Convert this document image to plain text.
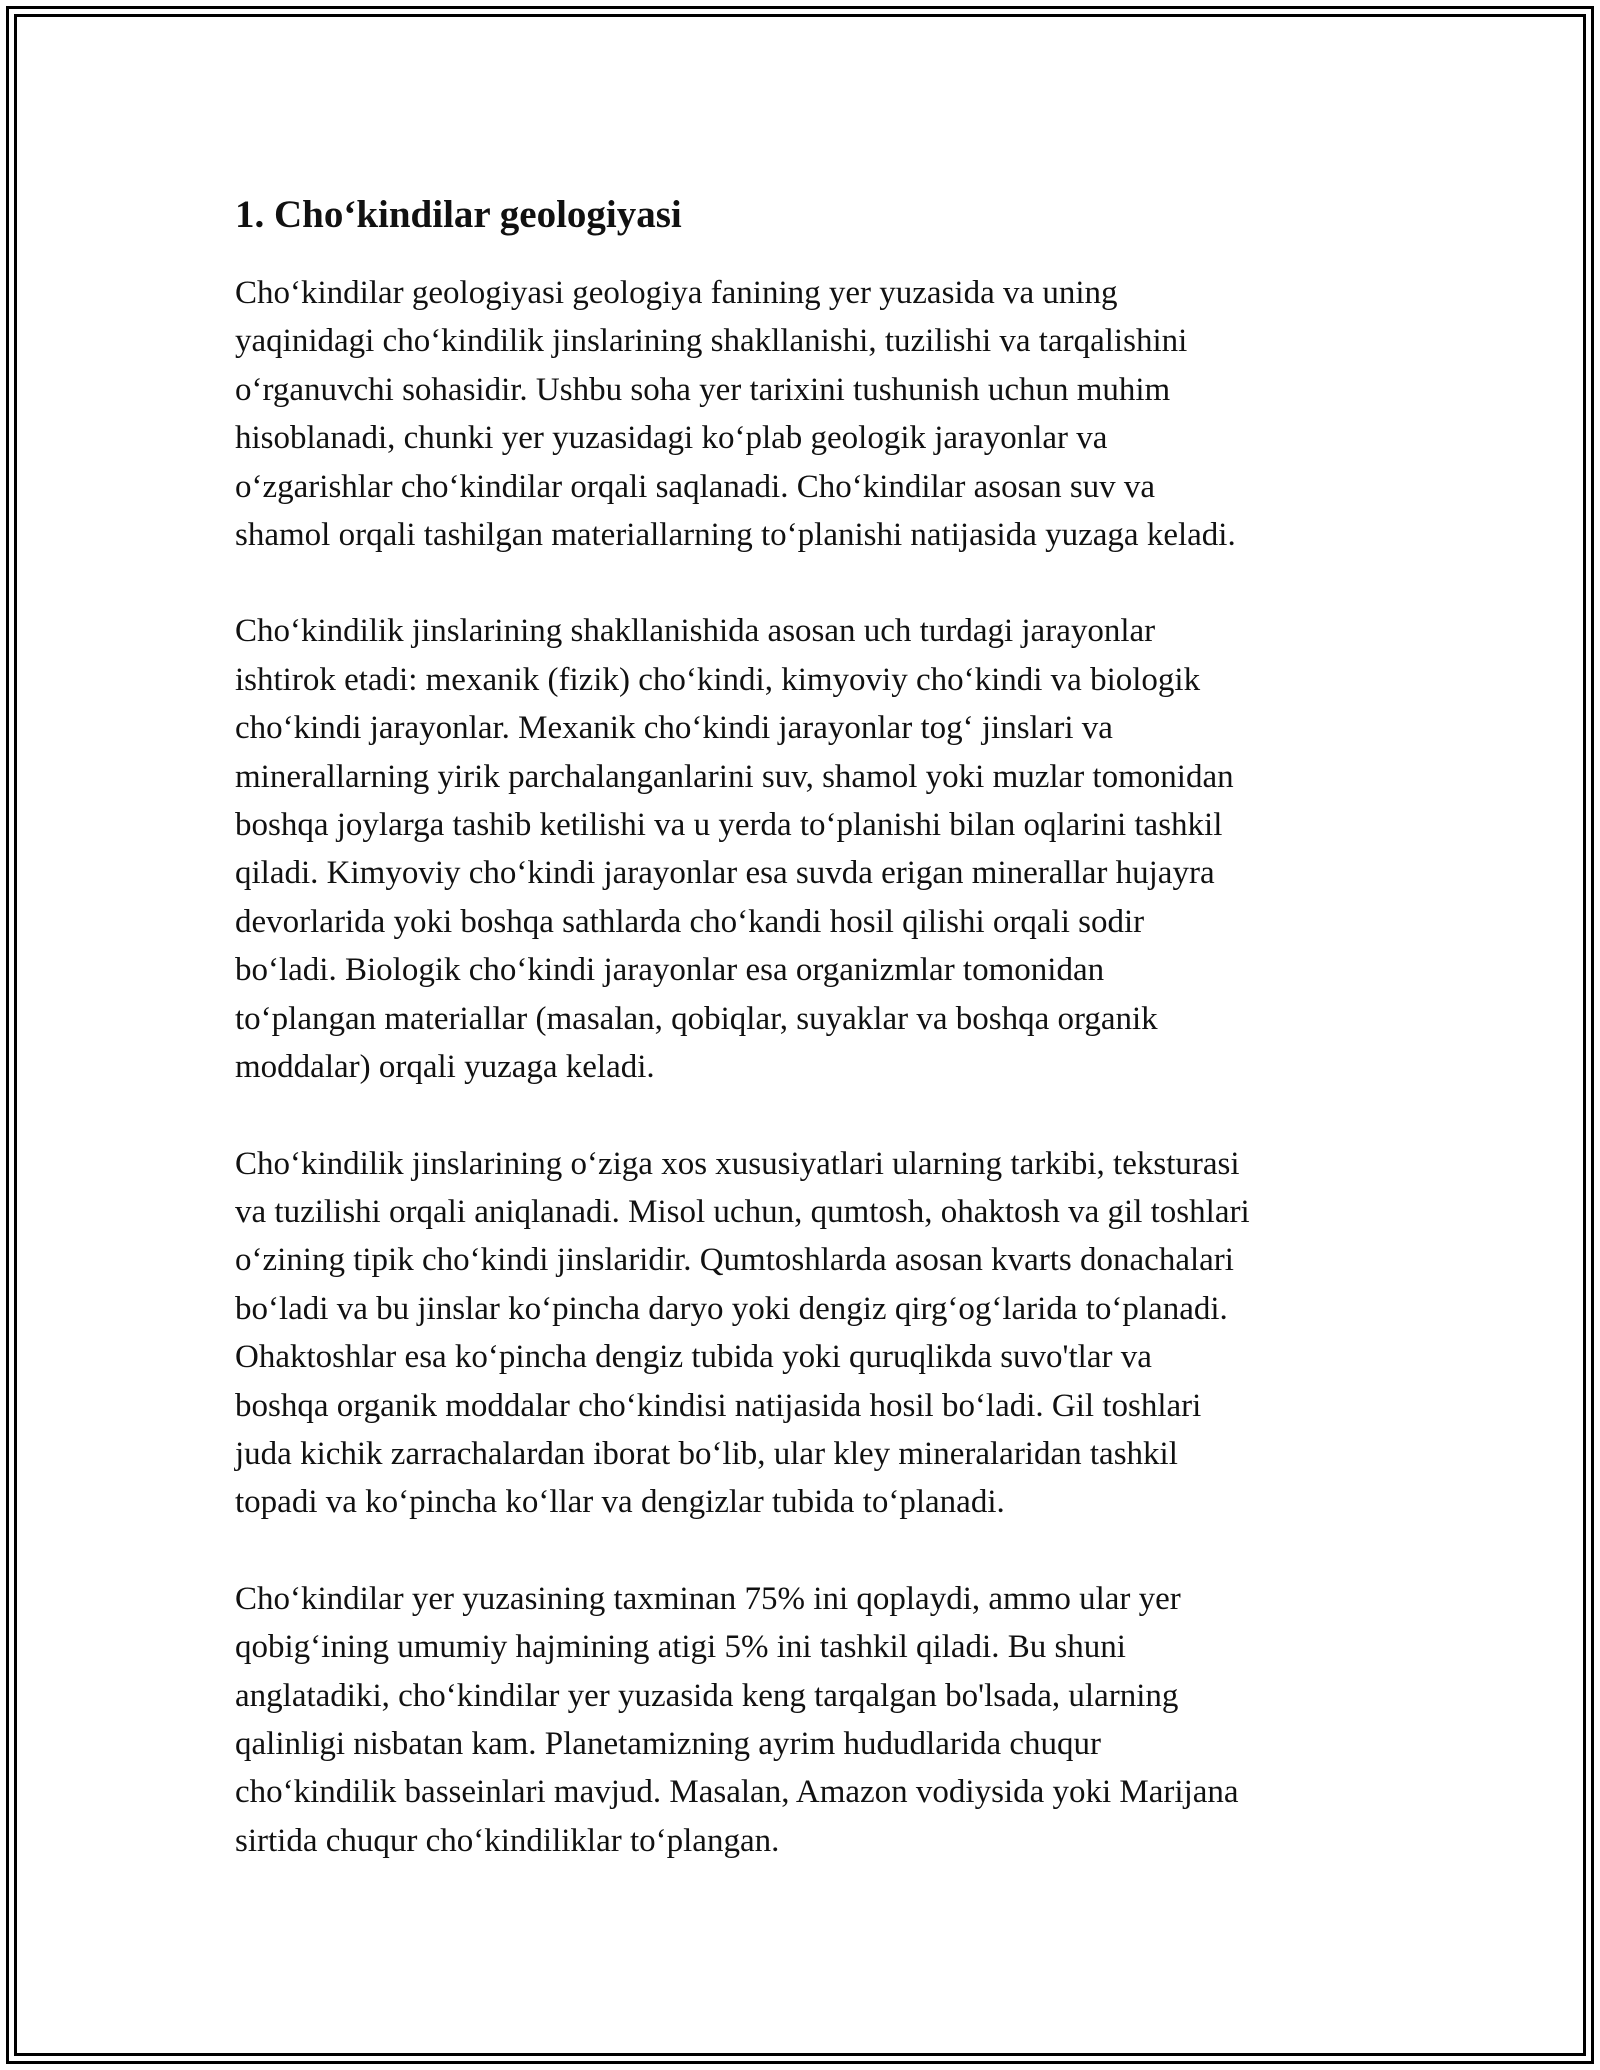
1. Choʻkindilar geologiyasi

Choʻkindilar geologiyasi geologiya fanining yer yuzasida va uning
yaqinidagi choʻkindilik jinslarining shakllanishi, tuzilishi va tarqalishini
oʻrganuvchi sohasidir. Ushbu soha yer tarixini tushunish uchun muhim
hisoblanadi, chunki yer yuzasidagi koʻplab geologik jarayonlar va
oʻzgarishlar choʻkindilar orqali saqlanadi. Choʻkindilar asosan suv va
shamol orqali tashilgan materiallarning toʻplanishi natijasida yuzaga keladi.

Choʻkindilik jinslarining shakllanishida asosan uch turdagi jarayonlar
ishtirok etadi: mexanik (fizik) choʻkindi, kimyoviy choʻkindi va biologik
choʻkindi jarayonlar. Mexanik choʻkindi jarayonlar togʻ jinslari va
minerallarning yirik parchalanganlarini suv, shamol yoki muzlar tomonidan
boshqa joylarga tashib ketilishi va u yerda toʻplanishi bilan oqlarini tashkil
qiladi. Kimyoviy choʻkindi jarayonlar esa suvda erigan minerallar hujayra
devorlarida yoki boshqa sathlarda choʻkandi hosil qilishi orqali sodir
boʻladi. Biologik choʻkindi jarayonlar esa organizmlar tomonidan
toʻplangan materiallar (masalan, qobiqlar, suyaklar va boshqa organik
moddalar) orqali yuzaga keladi.

Choʻkindilik jinslarining oʻziga xos xususiyatlari ularning tarkibi, teksturasi
va tuzilishi orqali aniqlanadi. Misol uchun, qumtosh, ohaktosh va gil toshlari
oʻzining tipik choʻkindi jinslaridir. Qumtoshlarda asosan kvarts donachalari
boʻladi va bu jinslar koʻpincha daryo yoki dengiz qirgʻogʻlarida toʻplanadi.
Ohaktoshlar esa koʻpincha dengiz tubida yoki quruqlikda suvo'tlar va
boshqa organik moddalar choʻkindisi natijasida hosil boʻladi. Gil toshlari
juda kichik zarrachalardan iborat boʻlib, ular kley mineralaridan tashkil
topadi va koʻpincha koʻllar va dengizlar tubida toʻplanadi.

Choʻkindilar yer yuzasining taxminan 75% ini qoplaydi, ammo ular yer
qobigʻining umumiy hajmining atigi 5% ini tashkil qiladi. Bu shuni
anglatadiki, choʻkindilar yer yuzasida keng tarqalgan bo'lsada, ularning
qalinligi nisbatan kam. Planetamizning ayrim hududlarida chuqur
choʻkindilik basseinlari mavjud. Masalan, Amazon vodiysida yoki Marijana
sirtida chuqur choʻkindiliklar toʻplangan.
